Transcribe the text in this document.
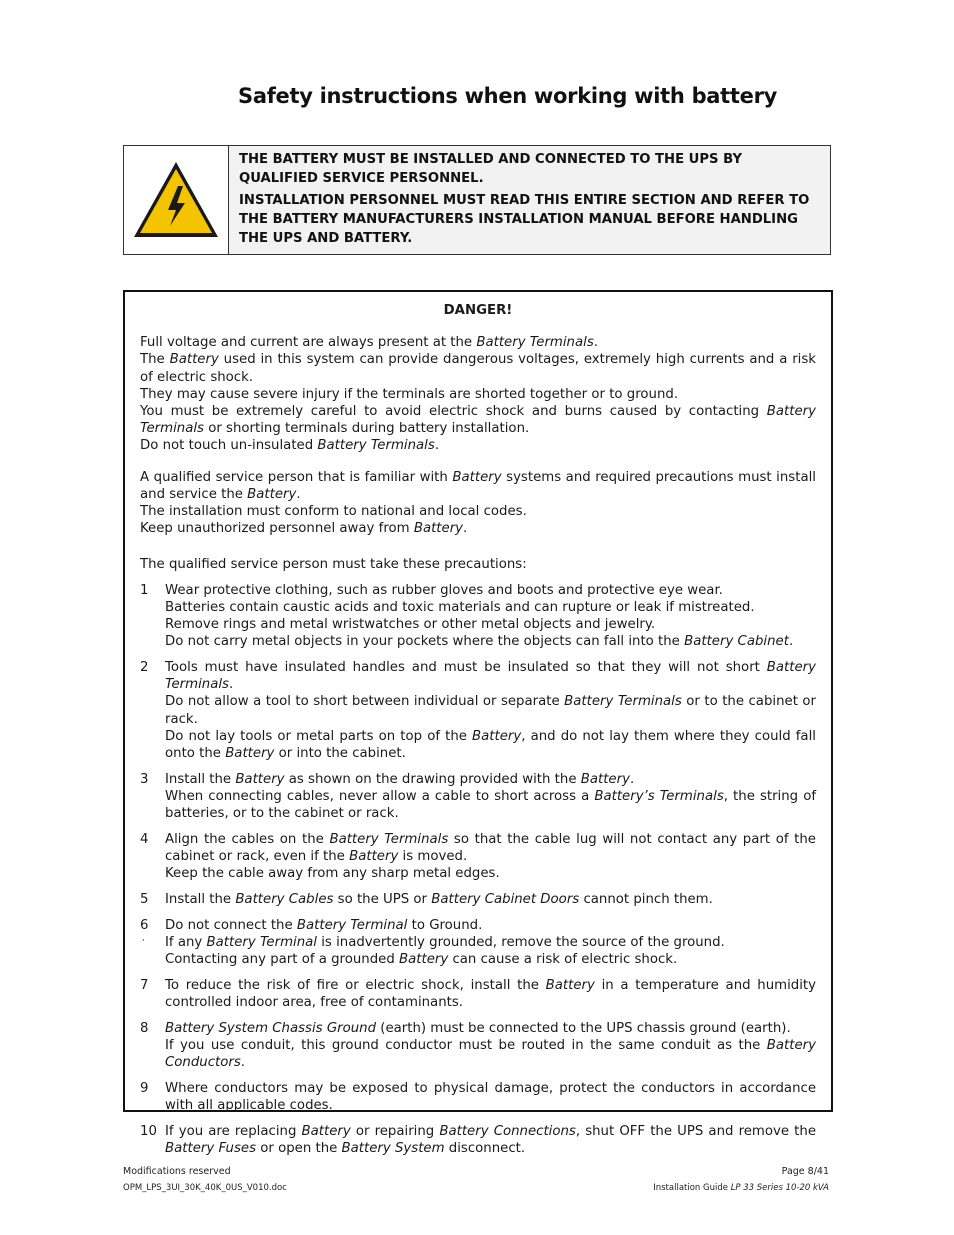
Safety instructions when working with battery

THE BATTERY MUST BE INSTALLED AND CONNECTED TO THE UPS BY QUALIFIED SERVICE PERSONNEL.

INSTALLATION PERSONNEL MUST READ THIS ENTIRE SECTION AND REFER TO THE BATTERY MANUFACTURERS INSTALLATION MANUAL BEFORE HANDLING THE UPS AND BATTERY.

DANGER!

Full voltage and current are always present at the Battery Terminals.

The Battery used in this system can provide dangerous voltages, extremely high currents and a risk of electric shock.

They may cause severe injury if the terminals are shorted together or to ground.

You must be extremely careful to avoid electric shock and burns caused by contacting Battery Terminals or shorting terminals during battery installation.

Do not touch un-insulated Battery Terminals.

A qualified service person that is familiar with Battery systems and required precautions must install and service the Battery.

The installation must conform to national and local codes.

Keep unauthorized personnel away from Battery.

The qualified service person must take these precautions:

1	Wear protective clothing, such as rubber gloves and boots and protective eye wear.

Batteries contain caustic acids and toxic materials and can rupture or leak if mistreated.

Remove rings and metal wristwatches or other metal objects and jewelry.

Do not carry metal objects in your pockets where the objects can fall into the Battery Cabinet.

2	Tools must have insulated handles and must be insulated so that they will not short Battery Terminals.

Do not allow a tool to short between individual or separate Battery Terminals or to the cabinet or rack.

Do not lay tools or metal parts on top of the Battery, and do not lay them where they could fall onto the Battery or into the cabinet.

3	Install the Battery as shown on the drawing provided with the Battery.

When connecting cables, never allow a cable to short across a Battery’s Terminals, the string of batteries, or to the cabinet or rack.

4	Align the cables on the Battery Terminals so that the cable lug will not contact any part of the cabinet or rack, even if the Battery is moved.

Keep the cable away from any sharp metal edges.

5	Install the Battery Cables so the UPS or Battery Cabinet Doors cannot pinch them.

6	Do not connect the Battery Terminal to Ground.

If any Battery Terminal is inadvertently grounded, remove the source of the ground.

Contacting any part of a grounded Battery can cause a risk of electric shock.

7	To reduce the risk of fire or electric shock, install the Battery in a temperature and humidity controlled indoor area, free of contaminants.

8	Battery System Chassis Ground (earth) must be connected to the UPS chassis ground (earth).

If you use conduit, this ground conductor must be routed in the same conduit as the Battery Conductors.

9	Where conductors may be exposed to physical damage, protect the conductors in accordance with all applicable codes.

10 If you are replacing Battery or repairing Battery Connections, shut OFF the UPS and remove the Battery Fuses or open the Battery System disconnect.

,
Modifications reserved
OPM_LPS_3UI_30K_40K_0US_V010.doc
Page 8/41
Installation Guide LP 33 Series 10-20 kVA
